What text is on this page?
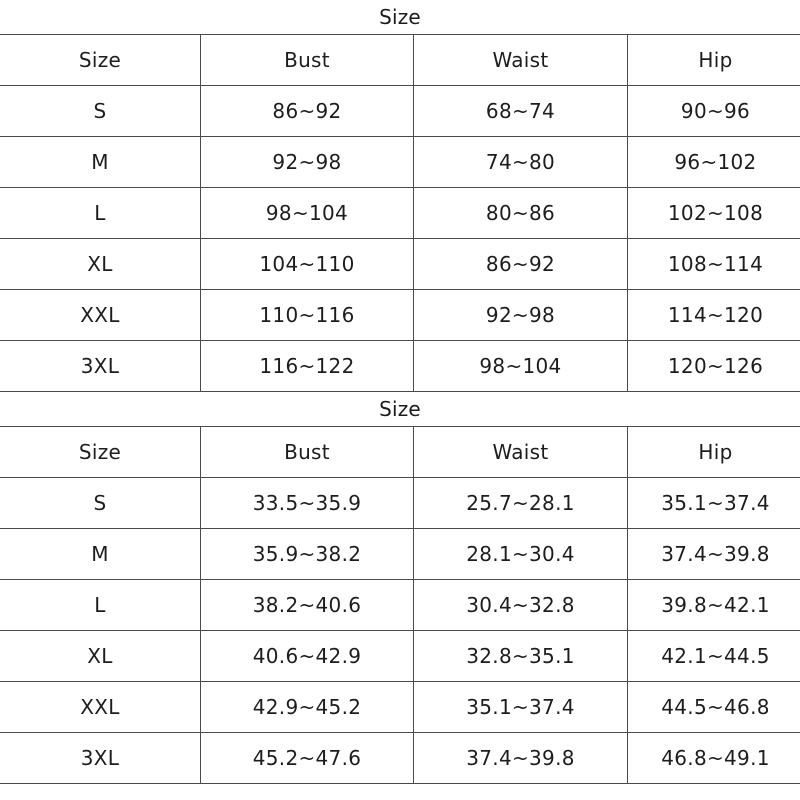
Size
Size	Bust	Waist	Hip
S	86~92	68~74	90~96
M	92~98	74~80	96~102
L	98~104	80~86	102~108
XL	104~110	86~92	108~114
XXL	110~116	92~98	114~120
3XL	116~122	98~104	120~126
Size
Size	Bust	Waist	Hip
S	33.5~35.9	25.7~28.1	35.1~37.4
M	35.9~38.2	28.1~30.4	37.4~39.8
L	38.2~40.6	30.4~32.8	39.8~42.1
XL	40.6~42.9	32.8~35.1	42.1~44.5
XXL	42.9~45.2	35.1~37.4	44.5~46.8
3XL	45.2~47.6	37.4~39.8	46.8~49.1
